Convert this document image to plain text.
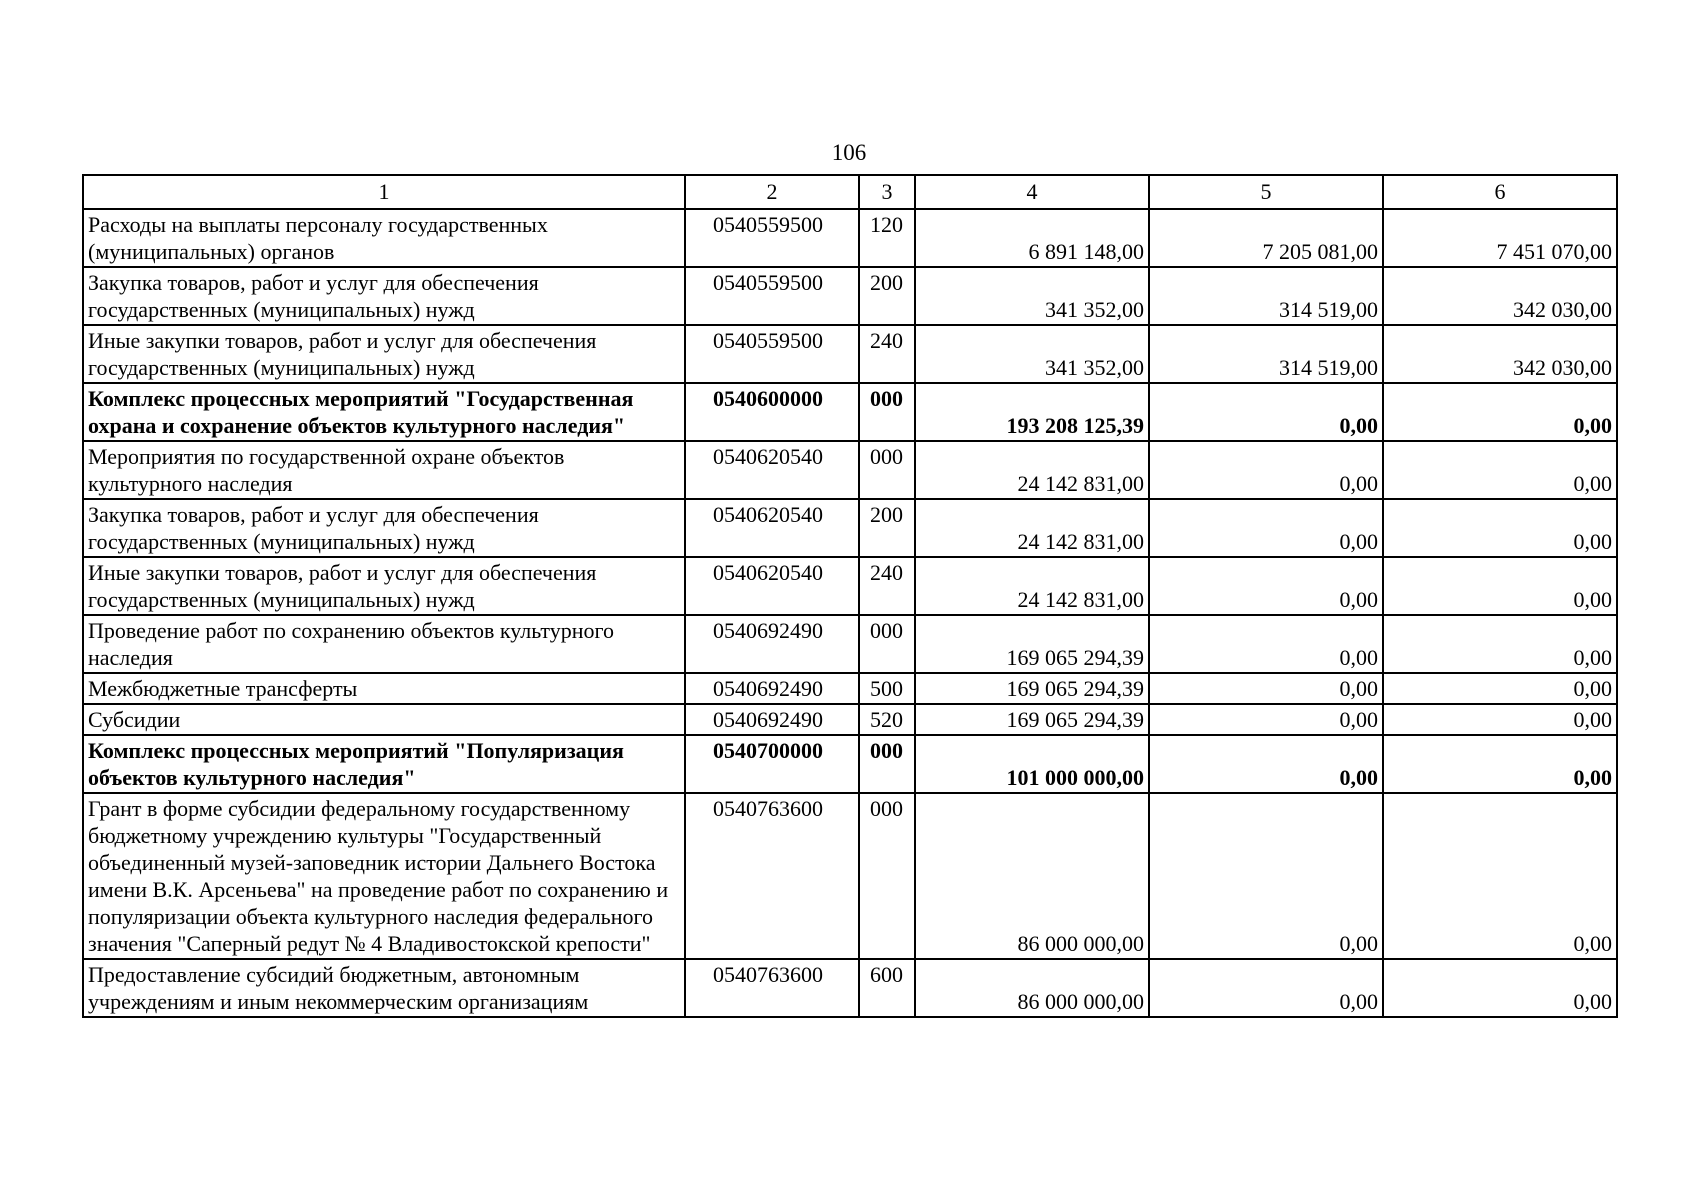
106
1	2	3	4	5	6
Расходы на выплаты персоналу государственных (муниципальных) органов	0540559500	120	6 891 148,00	7 205 081,00	7 451 070,00
Закупка товаров, работ и услуг для обеспечения государственных (муниципальных) нужд	0540559500	200	341 352,00	314 519,00	342 030,00
Иные закупки товаров, работ и услуг для обеспечения государственных (муниципальных) нужд	0540559500	240	341 352,00	314 519,00	342 030,00
Комплекс процессных мероприятий "Государственная охрана и сохранение объектов культурного наследия"	0540600000	000	193 208 125,39	0,00	0,00
Мероприятия по государственной охране объектов культурного наследия	0540620540	000	24 142 831,00	0,00	0,00
Закупка товаров, работ и услуг для обеспечения государственных (муниципальных) нужд	0540620540	200	24 142 831,00	0,00	0,00
Иные закупки товаров, работ и услуг для обеспечения государственных (муниципальных) нужд	0540620540	240	24 142 831,00	0,00	0,00
Проведение работ по сохранению объектов культурного наследия	0540692490	000	169 065 294,39	0,00	0,00
Межбюджетные трансферты	0540692490	500	169 065 294,39	0,00	0,00
Субсидии	0540692490	520	169 065 294,39	0,00	0,00
Комплекс процессных мероприятий "Популяризация объектов культурного наследия"	0540700000	000	101 000 000,00	0,00	0,00
Грант в форме субсидии федеральному государственному бюджетному учреждению культуры "Государственный объединенный музей-заповедник истории Дальнего Востока имени В.К. Арсеньева" на проведение работ по сохранению и популяризации объекта культурного наследия федерального значения "Саперный редут № 4 Владивостокской крепости"	0540763600	000	86 000 000,00	0,00	0,00
Предоставление субсидий бюджетным, автономным учреждениям и иным некоммерческим организациям	0540763600	600	86 000 000,00	0,00	0,00
